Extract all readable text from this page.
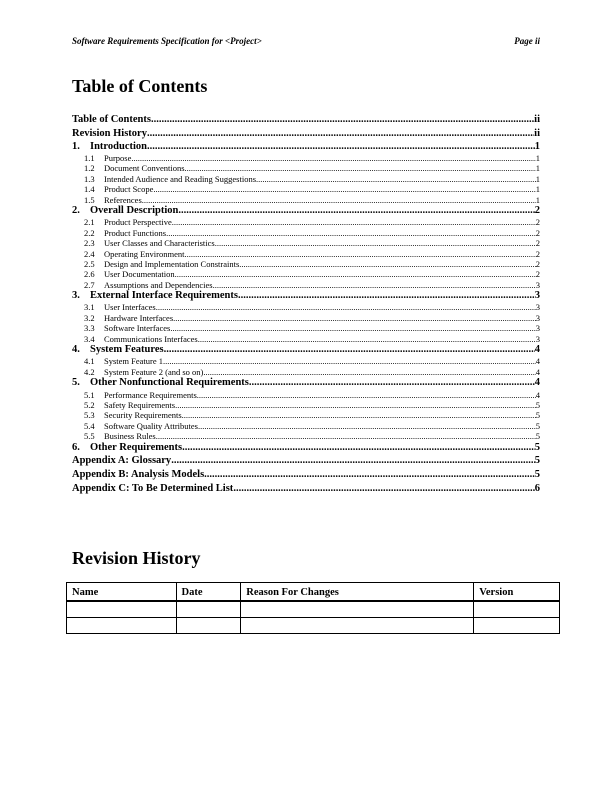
Software Requirements Specification for <Project>	Page ii
Table of Contents
Table of Contents .....	ii
Revision History .....	ii
1. Introduction .....	1
1.1 Purpose .....	1
1.2 Document Conventions .....	1
1.3 Intended Audience and Reading Suggestions .....	1
1.4 Product Scope .....	1
1.5 References .....	1
2. Overall Description .....	2
2.1 Product Perspective .....	2
2.2 Product Functions .....	2
2.3 User Classes and Characteristics .....	2
2.4 Operating Environment .....	2
2.5 Design and Implementation Constraints .....	2
2.6 User Documentation .....	2
2.7 Assumptions and Dependencies .....	3
3. External Interface Requirements .....	3
3.1 User Interfaces .....	3
3.2 Hardware Interfaces .....	3
3.3 Software Interfaces .....	3
3.4 Communications Interfaces .....	3
4. System Features .....	4
4.1 System Feature 1 .....	4
4.2 System Feature 2 (and so on) .....	4
5. Other Nonfunctional Requirements .....	4
5.1 Performance Requirements .....	4
5.2 Safety Requirements .....	5
5.3 Security Requirements .....	5
5.4 Software Quality Attributes .....	5
5.5 Business Rules .....	5
6. Other Requirements .....	5
Appendix A: Glossary .....	5
Appendix B: Analysis Models .....	5
Appendix C: To Be Determined List .....	6
Revision History
Name	Date	Reason For Changes	Version
